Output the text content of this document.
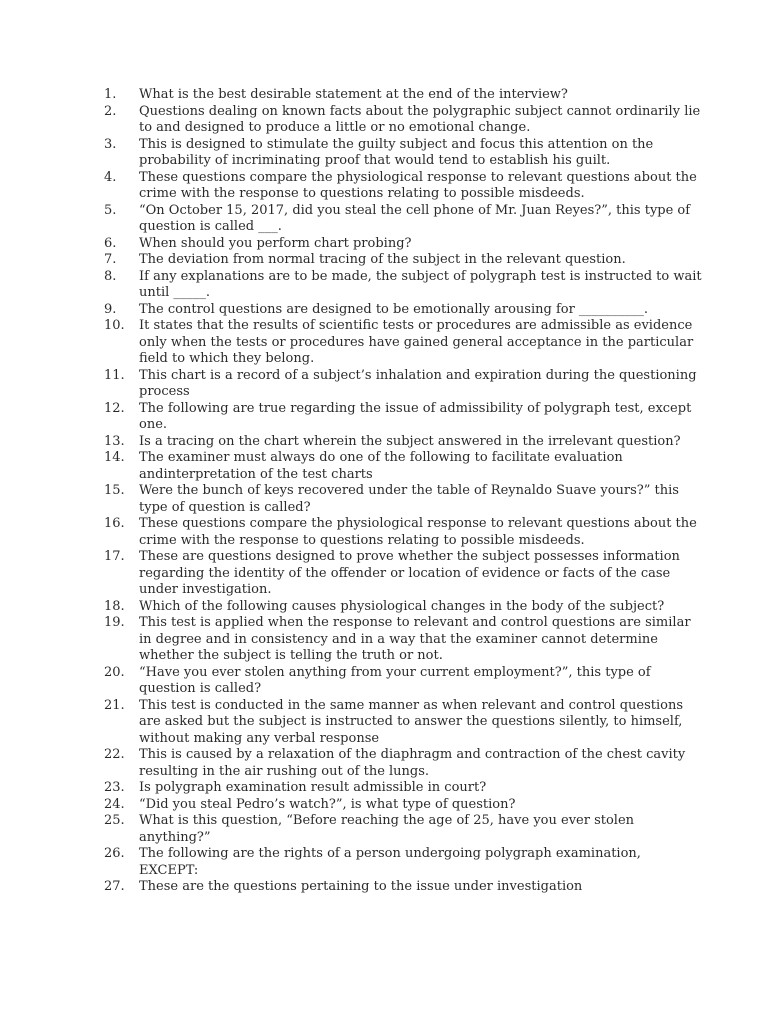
1.	What is the best desirable statement at the end of the interview?
2.	Questions dealing on known facts about the polygraphic subject cannot ordinarily lie to and designed to produce a little or no emotional change.
3.	This is designed to stimulate the guilty subject and focus this attention on the probability of incriminating proof that would tend to establish his guilt.
4.	These questions compare the physiological response to relevant questions about the crime with the response to questions relating to possible misdeeds.
5.	“On October 15, 2017, did you steal the cell phone of Mr. Juan Reyes?”, this type of question is called ___.
6.	When should you perform chart probing?
7.	The deviation from normal tracing of the subject in the relevant question.
8.	If any explanations are to be made, the subject of polygraph test is instructed to wait until _____.
9.	The control questions are designed to be emotionally arousing for __________.
10.	It states that the results of scientific tests or procedures are admissible as evidence only when the tests or procedures have gained general acceptance in the particular field to which they belong.
11.	This chart is a record of a subject’s inhalation and expiration during the questioning process
12.	The following are true regarding the issue of admissibility of polygraph test, except one.
13.	Is a tracing on the chart wherein the subject answered in the irrelevant question?
14.	The examiner must always do one of the following to facilitate evaluation andinterpretation of the test charts
15.	Were the bunch of keys recovered under the table of Reynaldo Suave yours?” this type of question is called?
16.	These questions compare the physiological response to relevant questions about the crime with the response to questions relating to possible misdeeds.
17.	These are questions designed to prove whether the subject possesses information regarding the identity of the offender or location of evidence or facts of the case under investigation.
18.	Which of the following causes physiological changes in the body of the subject?
19.	This test is applied when the response to relevant and control questions are similar in degree and in consistency and in a way that the examiner cannot determine whether the subject is telling the truth or not.
20.	“Have you ever stolen anything from your current employment?”, this type of question is called?
21.	This test is conducted in the same manner as when relevant and control questions are asked but the subject is instructed to answer the questions silently, to himself, without making any verbal response
22.	This is caused by a relaxation of the diaphragm and contraction of the chest cavity resulting in the air rushing out of the lungs.
23.	Is polygraph examination result admissible in court?
24.	“Did you steal Pedro’s watch?”, is what type of question?
25.	What is this question, “Before reaching the age of 25, have you ever stolen anything?”
26.	The following are the rights of a person undergoing polygraph examination, EXCEPT:
27.	These are the questions pertaining to the issue under investigation
